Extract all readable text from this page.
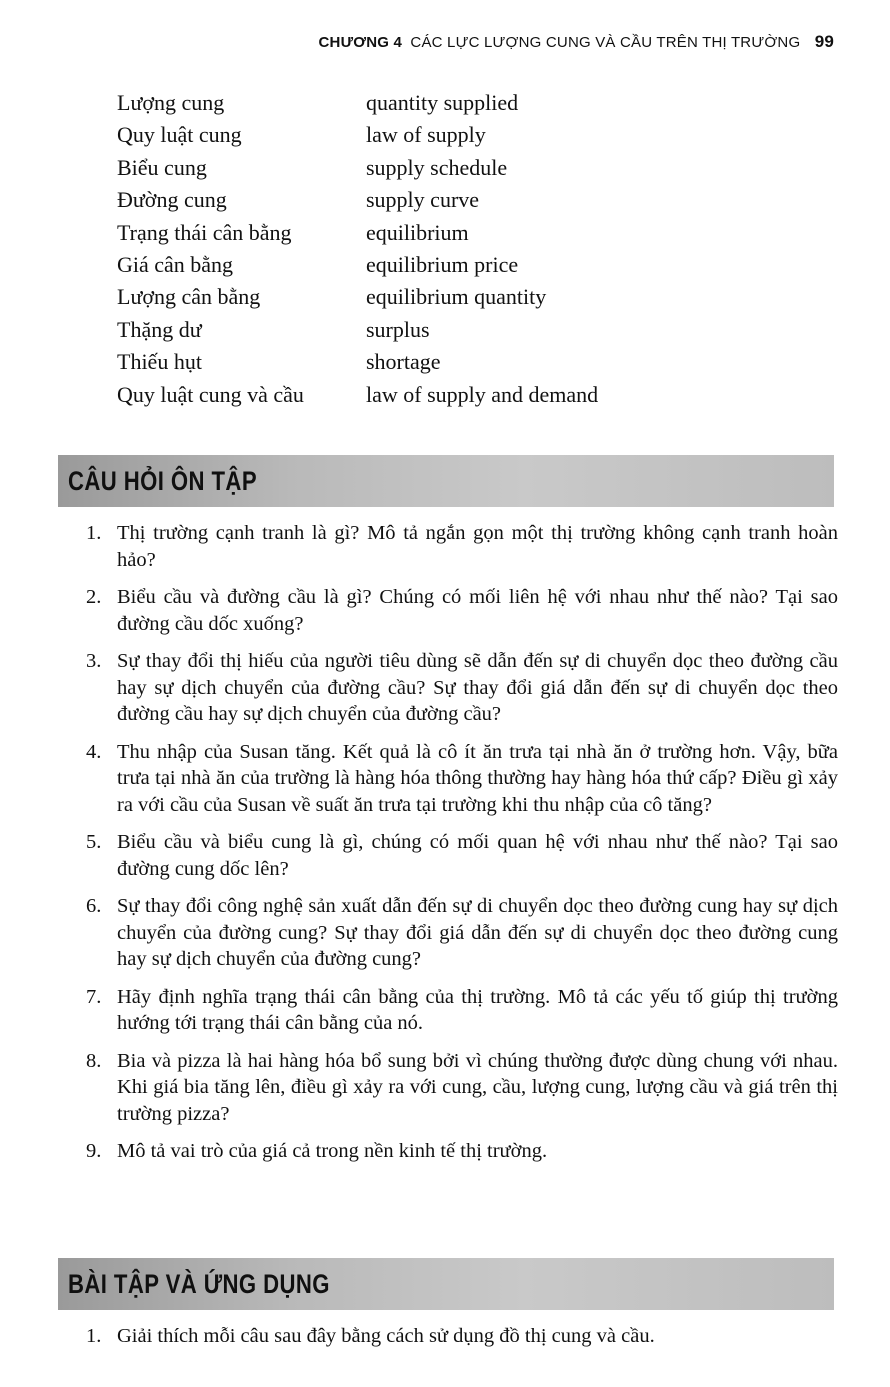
CHƯƠNG 4 CÁC LỰC LƯỢNG CUNG VÀ CẦU TRÊN THỊ TRƯỜNG 99
Lượng cung	quantity supplied
Quy luật cung	law of supply
Biểu cung	supply schedule
Đường cung	supply curve
Trạng thái cân bằng	equilibrium
Giá cân bằng	equilibrium price
Lượng cân bằng	equilibrium quantity
Thặng dư	surplus
Thiếu hụt	shortage
Quy luật cung và cầu	law of supply and demand
CÂU HỎI ÔN TẬP
1. Thị trường cạnh tranh là gì? Mô tả ngắn gọn một thị trường không cạnh tranh hoàn hảo?
2. Biểu cầu và đường cầu là gì? Chúng có mối liên hệ với nhau như thế nào? Tại sao đường cầu dốc xuống?
3. Sự thay đổi thị hiếu của người tiêu dùng sẽ dẫn đến sự di chuyển dọc theo đường cầu hay sự dịch chuyển của đường cầu? Sự thay đổi giá dẫn đến sự di chuyển dọc theo đường cầu hay sự dịch chuyển của đường cầu?
4. Thu nhập của Susan tăng. Kết quả là cô ít ăn trưa tại nhà ăn ở trường hơn. Vậy, bữa trưa tại nhà ăn của trường là hàng hóa thông thường hay hàng hóa thứ cấp? Điều gì xảy ra với cầu của Susan về suất ăn trưa tại trường khi thu nhập của cô tăng?
5. Biểu cầu và biểu cung là gì, chúng có mối quan hệ với nhau như thế nào? Tại sao đường cung dốc lên?
6. Sự thay đổi công nghệ sản xuất dẫn đến sự di chuyển dọc theo đường cung hay sự dịch chuyển của đường cung? Sự thay đổi giá dẫn đến sự di chuyển dọc theo đường cung hay sự dịch chuyển của đường cung?
7. Hãy định nghĩa trạng thái cân bằng của thị trường. Mô tả các yếu tố giúp thị trường hướng tới trạng thái cân bằng của nó.
8. Bia và pizza là hai hàng hóa bổ sung bởi vì chúng thường được dùng chung với nhau. Khi giá bia tăng lên, điều gì xảy ra với cung, cầu, lượng cung, lượng cầu và giá trên thị trường pizza?
9. Mô tả vai trò của giá cả trong nền kinh tế thị trường.
BÀI TẬP VÀ ỨNG DỤNG
1. Giải thích mỗi câu sau đây bằng cách sử dụng đồ thị cung và cầu.
